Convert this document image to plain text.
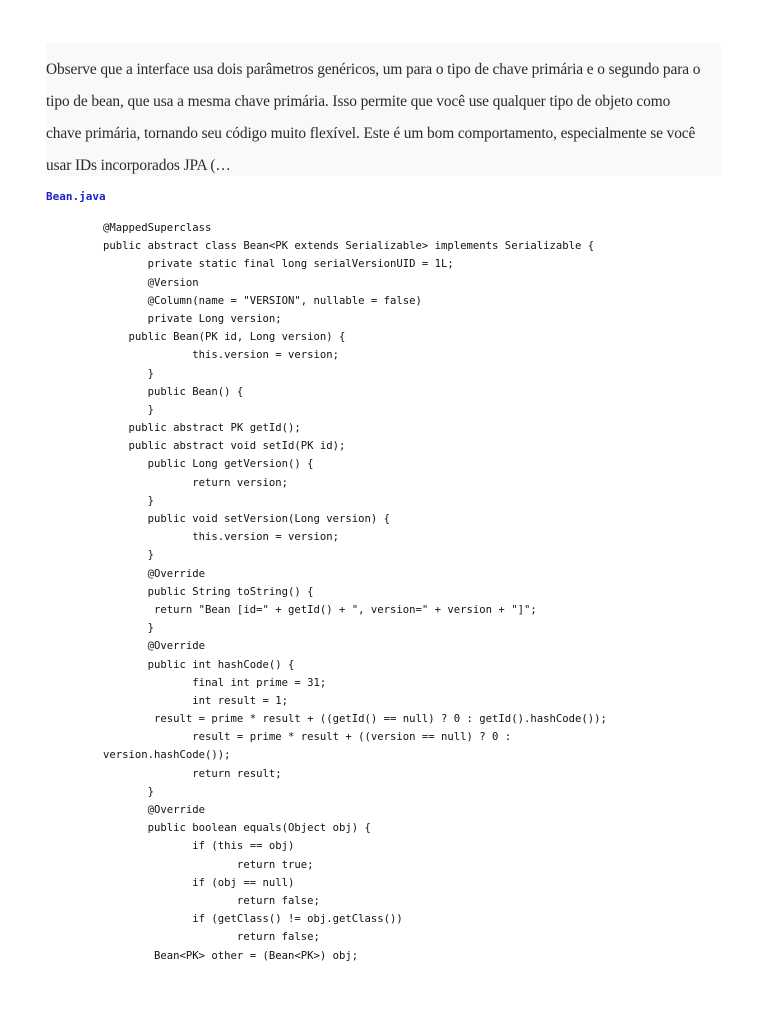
Observe que a interface usa dois parâmetros genéricos, um para o tipo de chave primária e o segundo para o
tipo de bean, que usa a mesma chave primária. Isso permite que você use qualquer tipo de objeto como
chave primária, tornando seu código muito flexível. Este é um bom comportamento, especialmente se você
usar IDs incorporados JPA (…
Bean.java
@MappedSuperclass
public abstract class Bean<PK extends Serializable> implements Serializable {
private static final long serialVersionUID = 1L;
@Version
@Column(name = "VERSION", nullable = false)
private Long version;
public Bean(PK id, Long version) {
this.version = version;
}
public Bean() {
}
public abstract PK getId();
public abstract void setId(PK id);
public Long getVersion() {
return version;
}
public void setVersion(Long version) {
this.version = version;
}
@Override
public String toString() {
return "Bean [id=" + getId() + ", version=" + version + "]";
}
@Override
public int hashCode() {
final int prime = 31;
int result = 1;
result = prime * result + ((getId() == null) ? 0 : getId().hashCode());
result = prime * result + ((version == null) ? 0 :
version.hashCode());
return result;
}
@Override
public boolean equals(Object obj) {
if (this == obj)
return true;
if (obj == null)
return false;
if (getClass() != obj.getClass())
return false;
Bean<PK> other = (Bean<PK>) obj;
